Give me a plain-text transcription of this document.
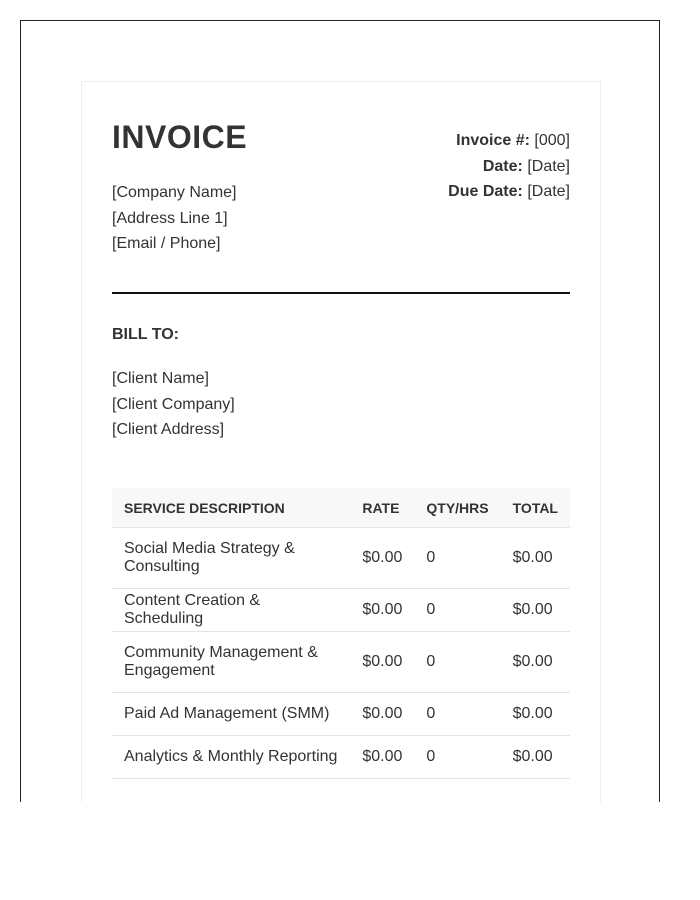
INVOICE
[Company Name]
[Address Line 1]
[Email / Phone]
Invoice #: [000]
Date: [Date]
Due Date: [Date]
BILL TO:
[Client Name]
[Client Company]
[Client Address]
SERVICE DESCRIPTION	RATE	QTY/HRS	TOTAL
Social Media Strategy & Consulting	$0.00	0	$0.00
Content Creation & Scheduling	$0.00	0	$0.00
Community Management & Engagement	$0.00	0	$0.00
Paid Ad Management (SMM)	$0.00	0	$0.00
Analytics & Monthly Reporting	$0.00	0	$0.00
